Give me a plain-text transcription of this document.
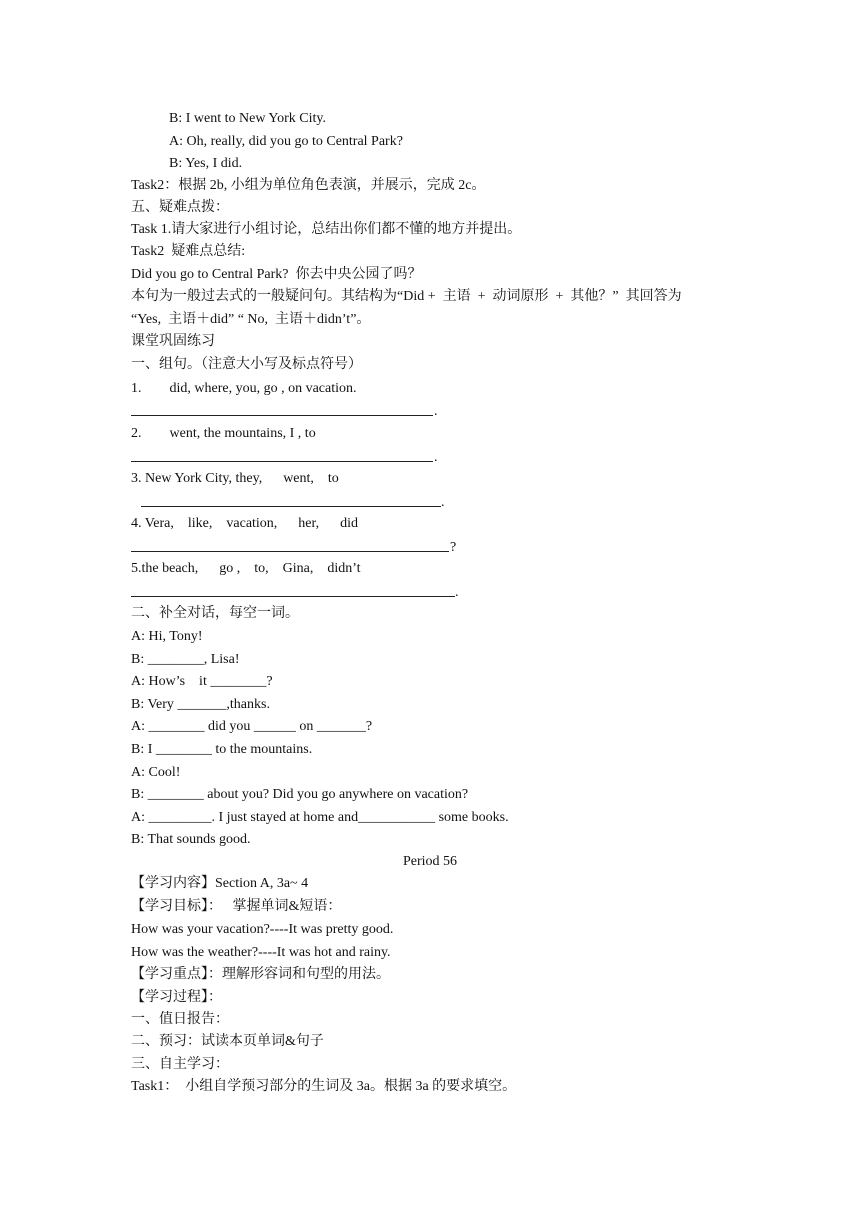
B: I went to New York City.
A: Oh, really, did you go to Central Park?
B: Yes, I did.
Task2：根据 2b, 小组为单位角色表演，并展示，完成 2c。
五、疑难点拨：
Task 1.请大家进行小组讨论，总结出你们都不懂的地方并提出。
Task2  疑难点总结:
Did you go to Central Park?  你去中央公园了吗？
本句为一般过去式的一般疑问句。其结构为“Did +  主语  +  动词原形  +  其他？”  其回答为
“Yes,  主语＋did” “ No,  主语＋didn’t”。
课堂巩固练习
一、组句。（注意大小写及标点符号）
1.        did, where, you, go , on vacation.
.
2.        went, the mountains, I , to
.
3. New York City, they,      went,    to
.
4. Vera,    like,    vacation,      her,      did
?
5.the beach,      go ,    to,    Gina,    didn’t
.
二、补全对话，每空一词。
A: Hi, Tony!
B: ________, Lisa!
A: How’s    it ________?
B: Very _______,thanks.
A: ________ did you ______ on _______?
B: I ________ to the mountains.
A: Cool!
B: ________ about you? Did you go anywhere on vacation?
A: _________. I just stayed at home and___________ some books.
B: That sounds good.
Period 56
【学习内容】Section A, 3a~ 4
【学习目标】：   掌握单词&短语：
How was your vacation?----It was pretty good.
How was the weather?----It was hot and rainy.
【学习重点】：理解形容词和句型的用法。
【学习过程】：
一、值日报告：
二、预习：试读本页单词&句子
三、自主学习：
Task1：  小组自学预习部分的生词及 3a。根据 3a 的要求填空。
